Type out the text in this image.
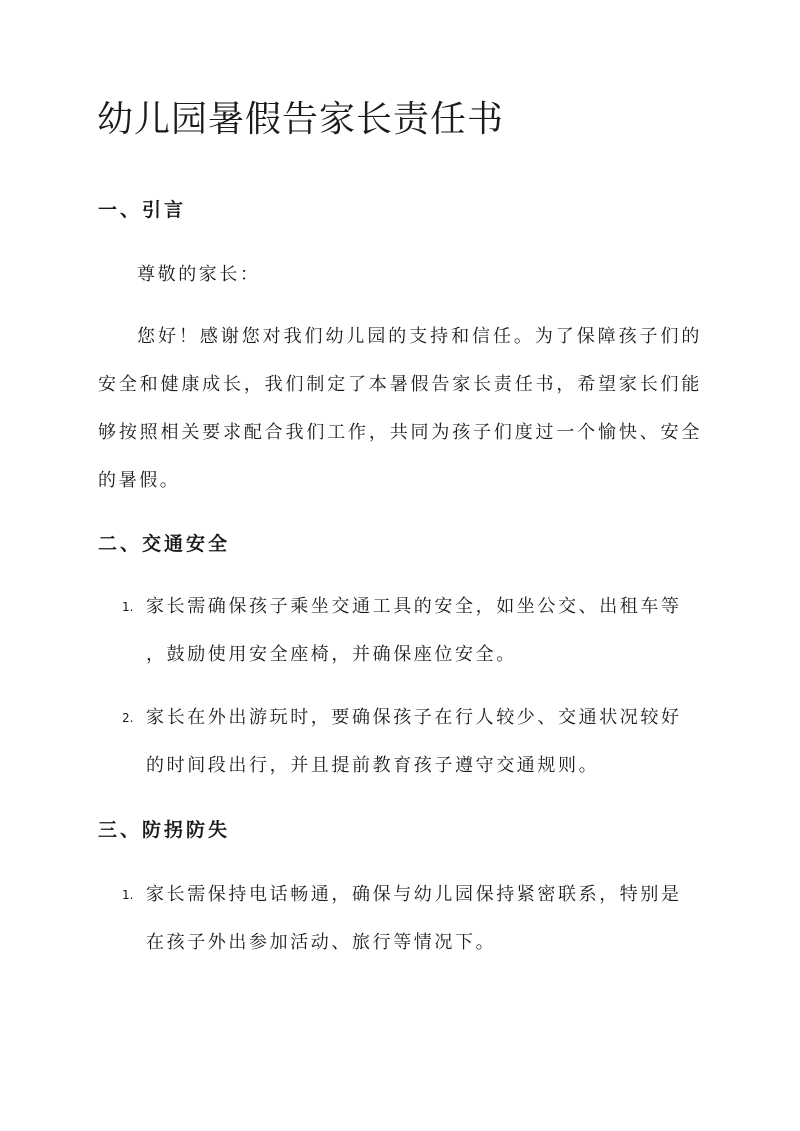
幼儿园暑假告家长责任书
一、引言

尊敬的家长：

您好！感谢您对我们幼儿园的支持和信任。为了保障孩子们的安全和健康成长，我们制定了本暑假告家长责任书，希望家长们能够按照相关要求配合我们工作，共同为孩子们度过一个愉快、安全的暑假。

二、交通安全
1. 家长需确保孩子乘坐交通工具的安全，如坐公交、出租车等
，鼓励使用安全座椅，并确保座位安全。
2. 家长在外出游玩时，要确保孩子在行人较少、交通状况较好
的时间段出行，并且提前教育孩子遵守交通规则。
三、防拐防失
1. 家长需保持电话畅通，确保与幼儿园保持紧密联系，特别是
在孩子外出参加活动、旅行等情况下。
